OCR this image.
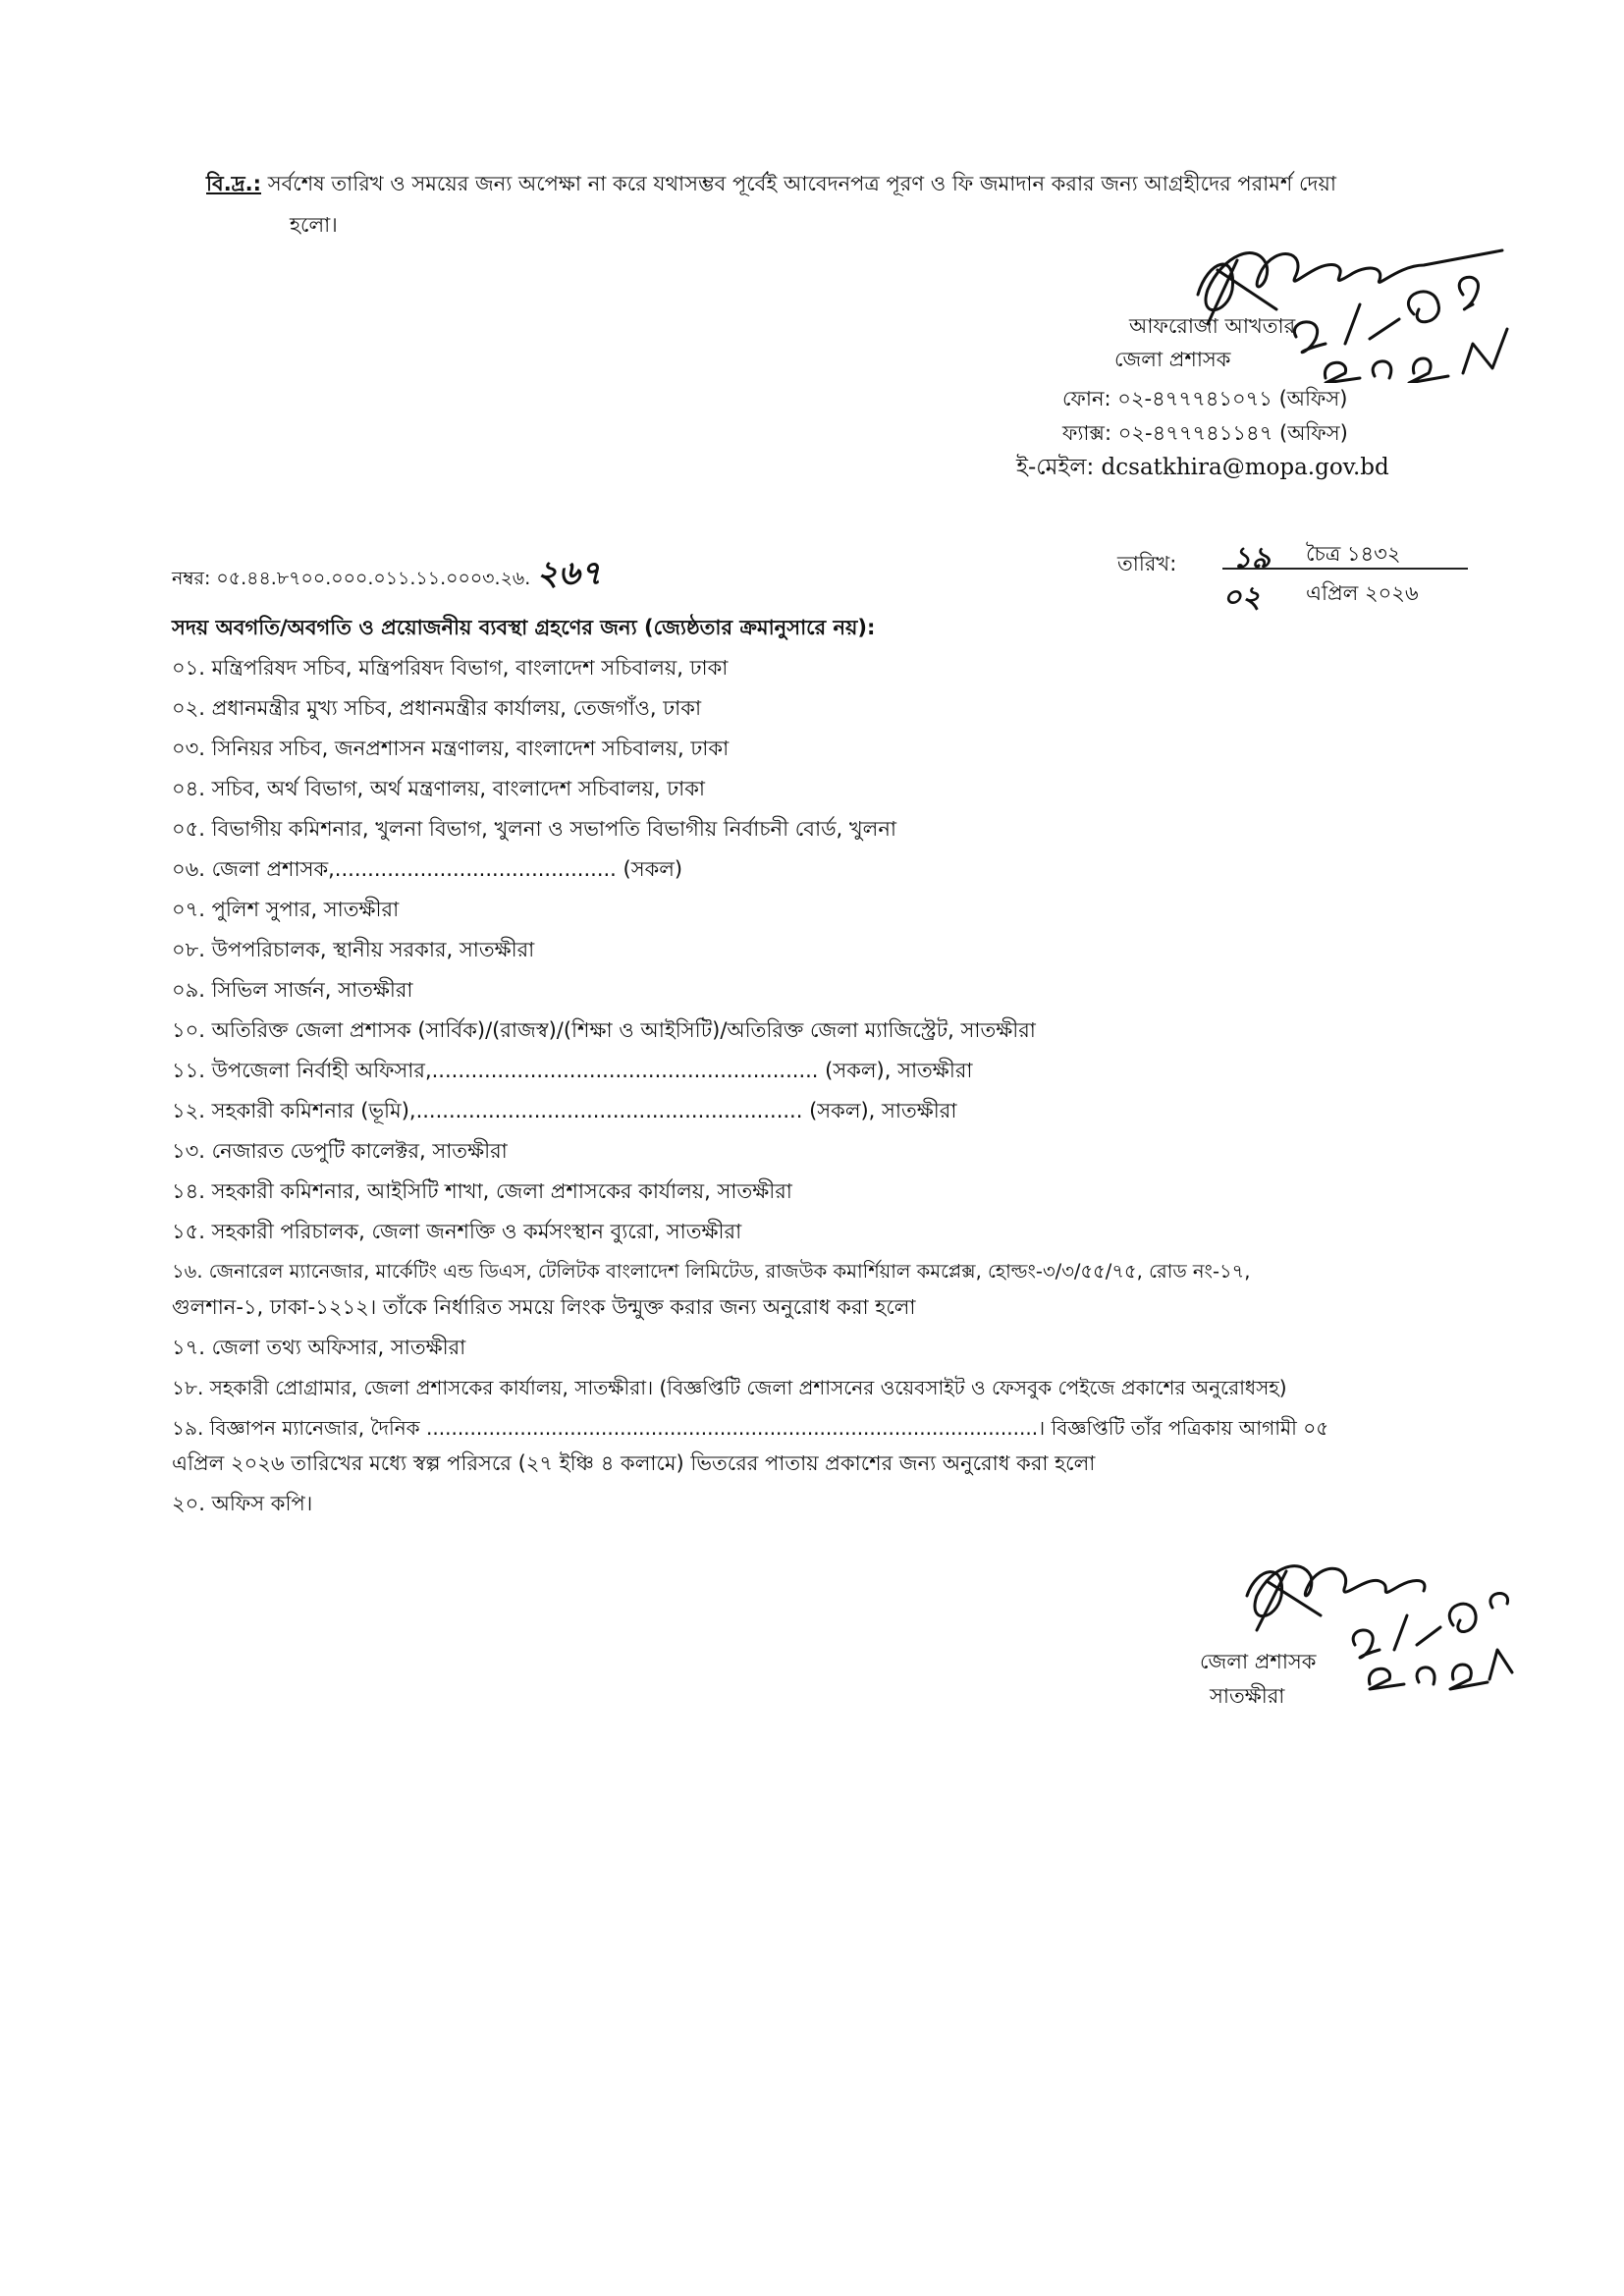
বি.দ্র.: সর্বশেষ তারিখ ও সময়ের জন্য অপেক্ষা না করে যথাসম্ভব পূর্বেই আবেদনপত্র পূরণ ও ফি জমাদান করার জন্য আগ্রহীদের পরামর্শ দেয়া
হলো।
আফরোজা আখতার
জেলা প্রশাসক
ফোন: ০২-৪৭৭৭৪১০৭১ (অফিস)
ফ্যাক্স: ০২-৪৭৭৭৪১১৪৭ (অফিস)
ই-মেইল: dcsatkhira@mopa.gov.bd
নম্বর: ০৫.৪৪.৮৭০০.০০০.০১১.১১.০০০৩.২৬. ২৬৭	তারিখ: ১৯ চৈত্র ১৪৩২
০২ এপ্রিল ২০২৬
সদয় অবগতি/অবগতি ও প্রয়োজনীয় ব্যবস্থা গ্রহণের জন্য (জ্যেষ্ঠতার ক্রমানুসারে নয়):
০১. মন্ত্রিপরিষদ সচিব, মন্ত্রিপরিষদ বিভাগ, বাংলাদেশ সচিবালয়, ঢাকা
০২. প্রধানমন্ত্রীর মুখ্য সচিব, প্রধানমন্ত্রীর কার্যালয়, তেজগাঁও, ঢাকা
০৩. সিনিয়র সচিব, জনপ্রশাসন মন্ত্রণালয়, বাংলাদেশ সচিবালয়, ঢাকা
০৪. সচিব, অর্থ বিভাগ, অর্থ মন্ত্রণালয়, বাংলাদেশ সচিবালয়, ঢাকা
০৫. বিভাগীয় কমিশনার, খুলনা বিভাগ, খুলনা ও সভাপতি বিভাগীয় নির্বাচনী বোর্ড, খুলনা
০৬. জেলা প্রশাসক,........................................... (সকল)
০৭. পুলিশ সুপার, সাতক্ষীরা
০৮. উপপরিচালক, স্থানীয় সরকার, সাতক্ষীরা
০৯. সিভিল সার্জন, সাতক্ষীরা
১০. অতিরিক্ত জেলা প্রশাসক (সার্বিক)/(রাজস্ব)/(শিক্ষা ও আইসিটি)/অতিরিক্ত জেলা ম্যাজিস্ট্রেট, সাতক্ষীরা
১১. উপজেলা নির্বাহী অফিসার,........................................................... (সকল), সাতক্ষীরা
১২. সহকারী কমিশনার (ভূমি),........................................................... (সকল), সাতক্ষীরা
১৩. নেজারত ডেপুটি কালেক্টর, সাতক্ষীরা
১৪. সহকারী কমিশনার, আইসিটি শাখা, জেলা প্রশাসকের কার্যালয়, সাতক্ষীরা
১৫. সহকারী পরিচালক, জেলা জনশক্তি ও কর্মসংস্থান ব্যুরো, সাতক্ষীরা
১৬. জেনারেল ম্যানেজার, মার্কেটিং এন্ড ডিএস, টেলিটক বাংলাদেশ লিমিটেড, রাজউক কমার্শিয়াল কমপ্লেক্স, হোল্ডং-৩/৩/৫৫/৭৫, রোড নং-১৭,
গুলশান-১, ঢাকা-১২১২। তাঁকে নির্ধারিত সময়ে লিংক উন্মুক্ত করার জন্য অনুরোধ করা হলো
১৭. জেলা তথ্য অফিসার, সাতক্ষীরা
১৮. সহকারী প্রোগ্রামার, জেলা প্রশাসকের কার্যালয়, সাতক্ষীরা। (বিজ্ঞপ্তিটি জেলা প্রশাসনের ওয়েবসাইট ও ফেসবুক পেইজে প্রকাশের অনুরোধসহ)
১৯. বিজ্ঞাপন ম্যানেজার, দৈনিক ..................................................................................................। বিজ্ঞপ্তিটি তাঁর পত্রিকায় আগামী ০৫
এপ্রিল ২০২৬ তারিখের মধ্যে স্বল্প পরিসরে (২৭ ইঞ্চি ৪ কলামে) ভিতরের পাতায় প্রকাশের জন্য অনুরোধ করা হলো
২০. অফিস কপি।
জেলা প্রশাসক
সাতক্ষীরা
